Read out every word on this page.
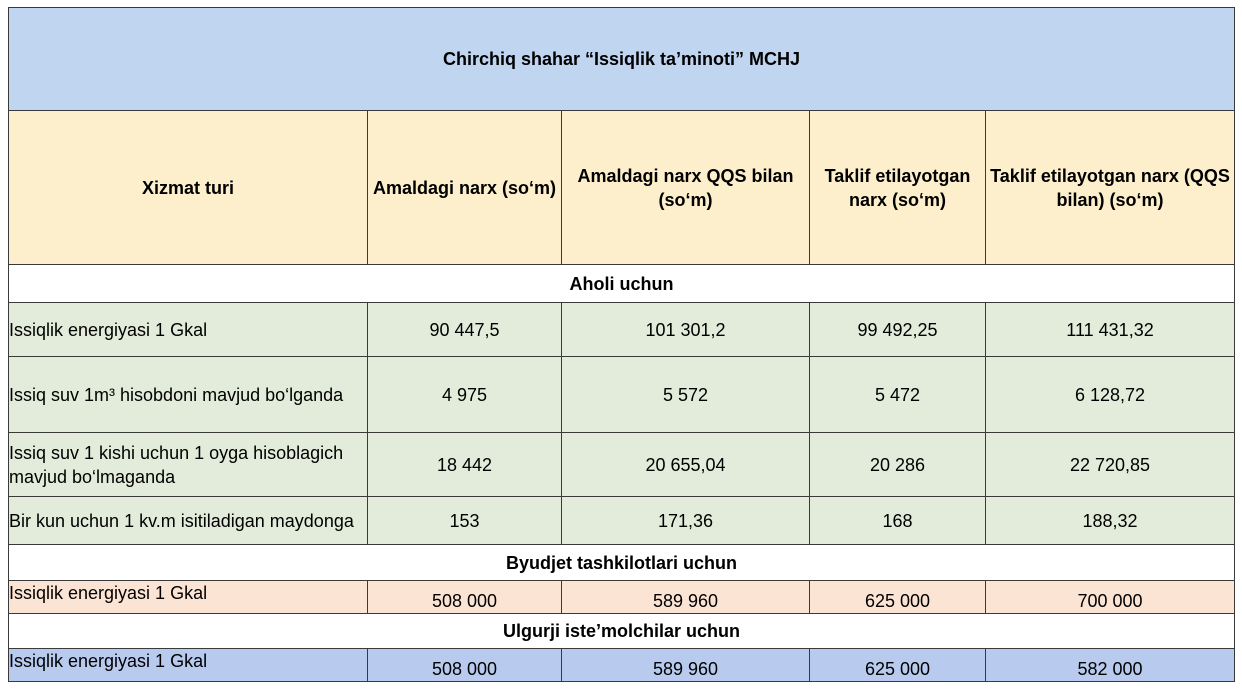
Chirchiq shahar “Issiqlik ta’minoti” MCHJ				
Xizmat turi	Amaldagi narx (so‘m)	Amaldagi narx QQS bilan (so‘m)	Taklif etilayotgan narx (so‘m)	Taklif etilayotgan narx (QQS bilan) (so‘m)
Aholi uchun				
Issiqlik energiyasi 1 Gkal	90 447,5	101 301,2	99 492,25	111 431,32
Issiq suv 1m³ hisobdoni mavjud bo‘lganda	4 975	5 572	5 472	6 128,72
Issiq suv 1 kishi uchun 1 oyga hisoblagich mavjud bo‘lmaganda	18 442	20 655,04	20 286	22 720,85
Bir kun uchun 1 kv.m isitiladigan maydonga	153	171,36	168	188,32
Byudjet tashkilotlari uchun				
Issiqlik energiyasi 1 Gkal	508 000	589 960	625 000	700 000
Ulgurji iste’molchilar uchun				
Issiqlik energiyasi 1 Gkal	508 000	589 960	625 000	582 000
